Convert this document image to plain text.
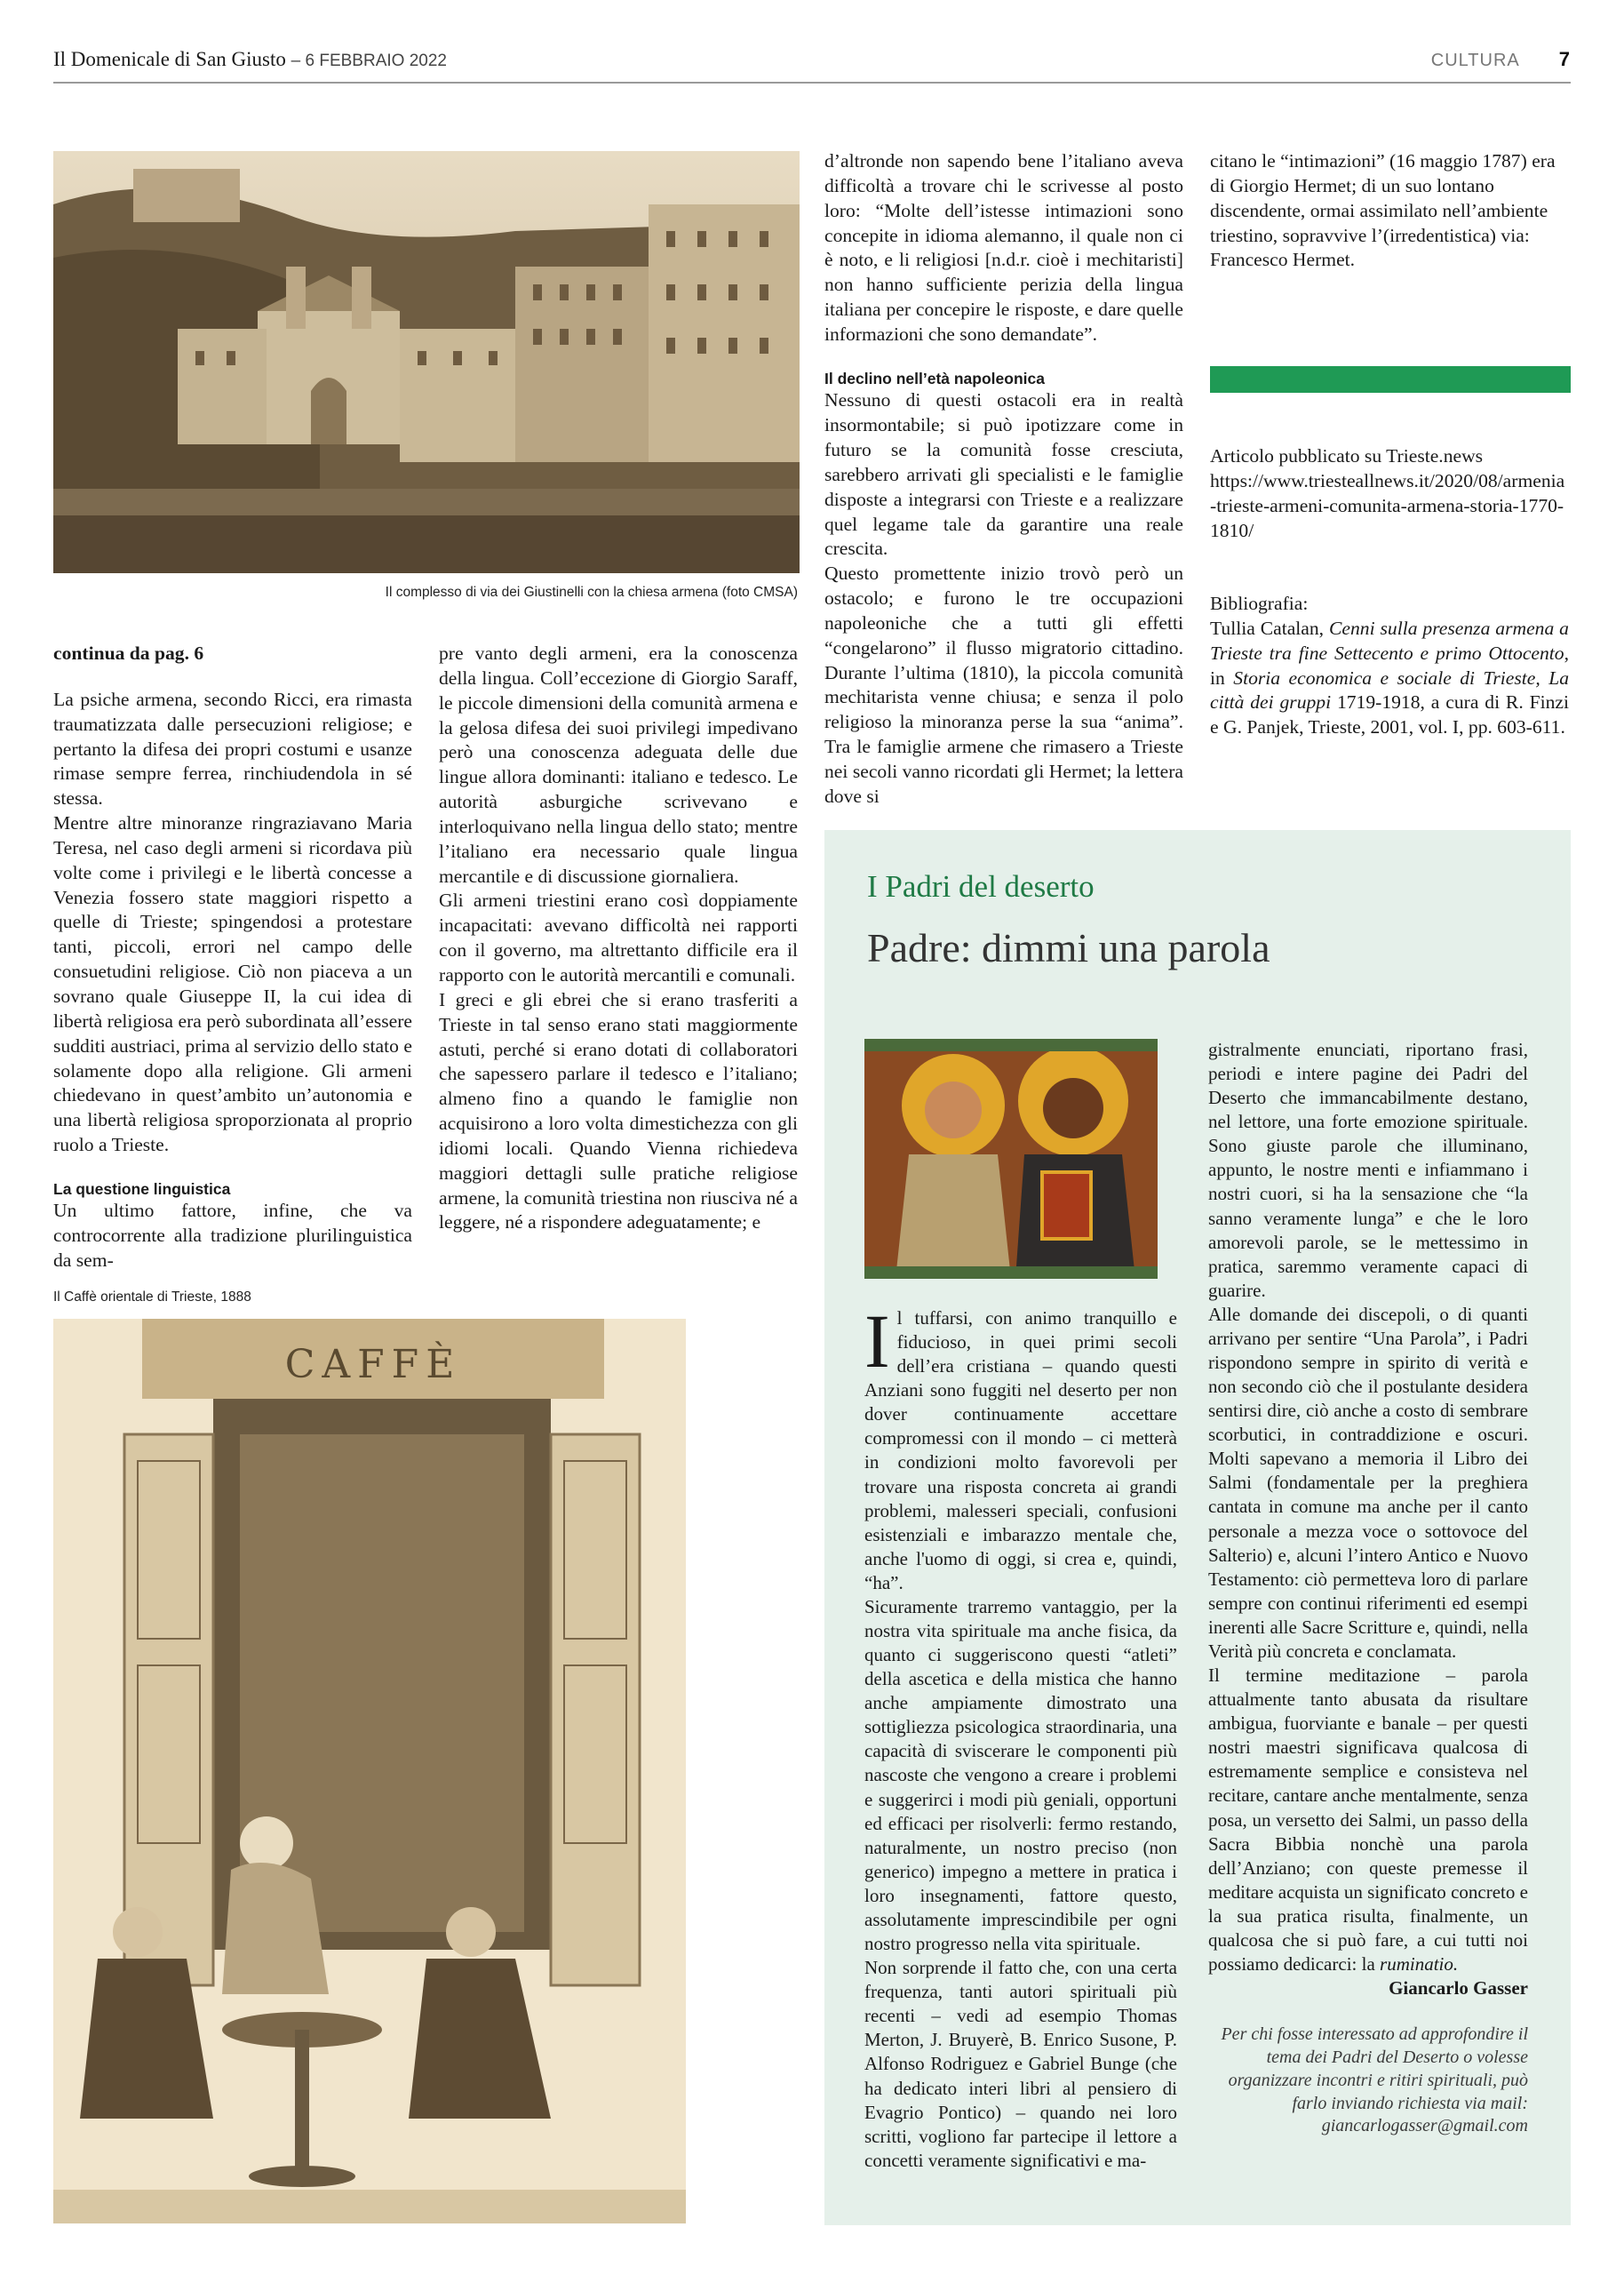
Il Domenicale di San Giusto – 6 FEBBRAIO 2022	CULTURA 7
Il complesso di via dei Giustinelli con la chiesa armena (foto CMSA)

continua da pag. 6

La psiche armena, secondo Ricci, era rimasta traumatizzata dalle persecuzioni religiose; e pertanto la difesa dei propri costumi e usanze rimase sempre ferrea, rinchiudendola in sé stessa.

Mentre altre minoranze ringraziavano Maria Teresa, nel caso degli armeni si ricordava più volte come i privilegi e le libertà concesse a Venezia fossero state maggiori rispetto a quelle di Trieste; spingendosi a protestare tanti, piccoli, errori nel campo delle consuetudini religiose. Ciò non piaceva a un sovrano quale Giuseppe II, la cui idea di libertà religiosa era però subordinata all’essere sudditi austriaci, prima al servizio dello stato e solamente dopo alla religione. Gli armeni chiedevano in quest’ambito un’autonomia e una libertà religiosa sproporzionata al proprio ruolo a Trieste.

La questione linguistica

Un ultimo fattore, infine, che va controcorrente alla tradizione plurilinguistica da sem-

pre vanto degli armeni, era la conoscenza della lingua. Coll’eccezione di Giorgio Saraff, le piccole dimensioni della comunità armena e la gelosa difesa dei suoi privilegi impedivano però una conoscenza adeguata delle due lingue allora dominanti: italiano e tedesco. Le autorità asburgiche scrivevano e interloquivano nella lingua dello stato; mentre l’italiano era necessario quale lingua mercantile e di discussione giornaliera.

Gli armeni triestini erano così doppiamente incapacitati: avevano difficoltà nei rapporti con il governo, ma altrettanto difficile era il rapporto con le autorità mercantili e comunali.

I greci e gli ebrei che si erano trasferiti a Trieste in tal senso erano stati maggiormente astuti, perché si erano dotati di collaboratori che sapessero parlare il tedesco e l’italiano; almeno fino a quando le famiglie non acquisirono a loro volta dimestichezza con gli idiomi locali. Quando Vienna richiedeva maggiori dettagli sulle pratiche religiose armene, la comunità triestina non riusciva né a leggere, né a rispondere adeguatamente; e

d’altronde non sapendo bene l’italiano aveva difficoltà a trovare chi le scrivesse al posto loro: “Molte dell’istesse intimazioni sono concepite in idioma alemanno, il quale non ci è noto, e li religiosi [n.d.r. cioè i mechitaristi] non hanno sufficiente perizia della lingua italiana per concepire le risposte, e dare quelle informazioni che sono demandate”.

Il declino nell’età napoleonica

Nessuno di questi ostacoli era in realtà insormontabile; si può ipotizzare come in futuro se la comunità fosse cresciuta, sarebbero arrivati gli specialisti e le famiglie disposte a integrarsi con Trieste e a realizzare quel legame tale da garantire una reale crescita.

Questo promettente inizio trovò però un ostacolo; e furono le tre occupazioni napoleoniche che a tutti gli effetti “congelarono” il flusso migratorio cittadino. Durante l’ultima (1810), la piccola comunità mechitarista venne chiusa; e senza il polo religioso la minoranza perse la sua “anima”. Tra le famiglie armene che rimasero a Trieste nei secoli vanno ricordati gli Hermet; la lettera dove si

citano le “intimazioni” (16 maggio 1787) era di Giorgio Hermet; di un suo lontano discendente, ormai assimilato nell’ambiente triestino, sopravvive l’(irredentistica) via: Francesco Hermet.

Articolo pubblicato su Trieste.news

https://www.triesteallnews.it/2020/08/armenia-trieste-armeni-comunita-armena-storia-1770-1810/

Bibliografia:

Tullia Catalan, Cenni sulla presenza armena a Trieste tra fine Settecento e primo Ottocento, in Storia economica e sociale di Trieste, La città dei gruppi 1719-1918, a cura di R. Finzi e G. Panjek, Trieste, 2001, vol. I, pp. 603-611.

Il Caffè orientale di Trieste, 1888
CAFFÈ
I Padri del deserto
Padre: dimmi una parola

Il tuffarsi, con animo tranquillo e fiducioso, in quei primi secoli dell’era cristiana – quando questi Anziani sono fuggiti nel deserto per non dover continuamente accettare compromessi con il mondo – ci metterà in condizioni molto favorevoli per trovare una risposta concreta ai grandi problemi, malesseri speciali, confusioni esistenziali e imbarazzo mentale che, anche l'uomo di oggi, si crea e, quindi, “ha”.

Sicuramente trarremo vantaggio, per la nostra vita spirituale ma anche fisica, da quanto ci suggeriscono questi “atleti” della ascetica e della mistica che hanno anche ampiamente dimostrato una sottigliezza psicologica straordinaria, una capacità di sviscerare le componenti più nascoste che vengono a creare i problemi e suggerirci i modi più geniali, opportuni ed efficaci per risolverli: fermo restando, naturalmente, un nostro preciso (non generico) impegno a mettere in pratica i loro insegnamenti, fattore questo, assolutamente imprescindibile per ogni nostro progresso nella vita spirituale.

Non sorprende il fatto che, con una certa frequenza, tanti autori spirituali più recenti – vedi ad esempio Thomas Merton, J. Bruyerè, B. Enrico Susone, P. Alfonso Rodriguez e Gabriel Bunge (che ha dedicato interi libri al pensiero di Evagrio Pontico) – quando nei loro scritti, vogliono far partecipe il lettore a concetti veramente significativi e ma-

gistralmente enunciati, riportano frasi, periodi e intere pagine dei Padri del Deserto che immancabilmente destano, nel lettore, una forte emozione spirituale. Sono giuste parole che illuminano, appunto, le nostre menti e infiammano i nostri cuori, si ha la sensazione che “la sanno veramente lunga” e che le loro amorevoli parole, se le mettessimo in pratica, saremmo veramente capaci di guarire.

Alle domande dei discepoli, o di quanti arrivano per sentire “Una Parola”, i Padri rispondono sempre in spirito di verità e non secondo ciò che il postulante desidera sentirsi dire, ciò anche a costo di sembrare scorbutici, in contraddizione e oscuri. Molti sapevano a memoria il Libro dei Salmi (fondamentale per la preghiera cantata in comune ma anche per il canto personale a mezza voce o sottovoce del Salterio) e, alcuni l’intero Antico e Nuovo Testamento: ciò permetteva loro di parlare sempre con continui riferimenti ed esempi inerenti alle Sacre Scritture e, quindi, nella Verità più concreta e conclamata.

Il termine meditazione – parola attualmente tanto abusata da risultare ambigua, fuorviante e banale – per questi nostri maestri significava qualcosa di estremamente semplice e consisteva nel recitare, cantare anche mentalmente, senza posa, un versetto dei Salmi, un passo della Sacra Bibbia nonchè una parola dell’Anziano; con queste premesse il meditare acquista un significato concreto e la sua pratica risulta, finalmente, un qualcosa che si può fare, a cui tutti noi possiamo dedicarci: la ruminatio.

Giancarlo Gasser

Per chi fosse interessato ad approfondire il tema dei Padri del Deserto o volesse organizzare incontri e ritiri spirituali, può farlo inviando richiesta via mail: giancarlogasser@gmail.com
